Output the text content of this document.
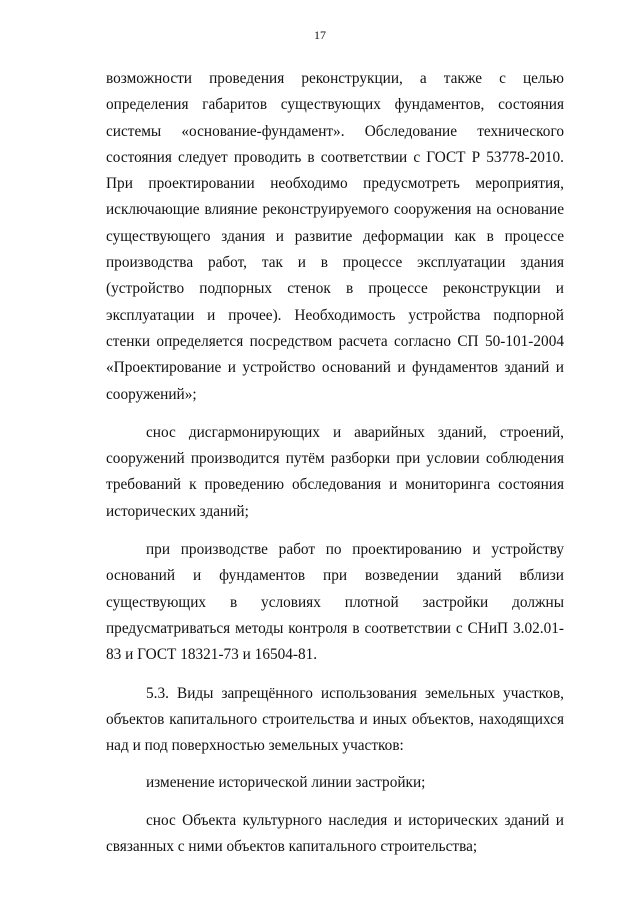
17

возможности проведения реконструкции, а также с целью определения габаритов существующих фундаментов, состояния системы «основание-фундамент». Обследование технического состояния следует проводить в соответствии с ГОСТ Р 53778-2010. При проектировании необходимо предусмотреть мероприятия, исключающие влияние реконструируемого сооружения на основание существующего здания и развитие деформации как в процессе производства работ, так и в процессе эксплуатации здания (устройство подпорных стенок в процессе реконструкции и эксплуатации и прочее). Необходимость устройства подпорной стенки определяется посредством расчета согласно СП 50-101-2004 «Проектирование и устройство оснований и фундаментов зданий и сооружений»;

снос дисгармонирующих и аварийных зданий, строений, сооружений производится путём разборки при условии соблюдения требований к проведению обследования и мониторинга состояния исторических зданий;

при производстве работ по проектированию и устройству оснований и фундаментов при возведении зданий вблизи существующих в условиях плотной застройки должны предусматриваться методы контроля в соответствии с СНиП 3.02.01-83 и ГОСТ 18321-73 и 16504-81.

5.3. Виды запрещённого использования земельных участков, объектов капитального строительства и иных объектов, находящихся над и под поверхностью земельных участков:

изменение исторической линии застройки;

снос Объекта культурного наследия и исторических зданий и связанных с ними объектов капитального строительства;
